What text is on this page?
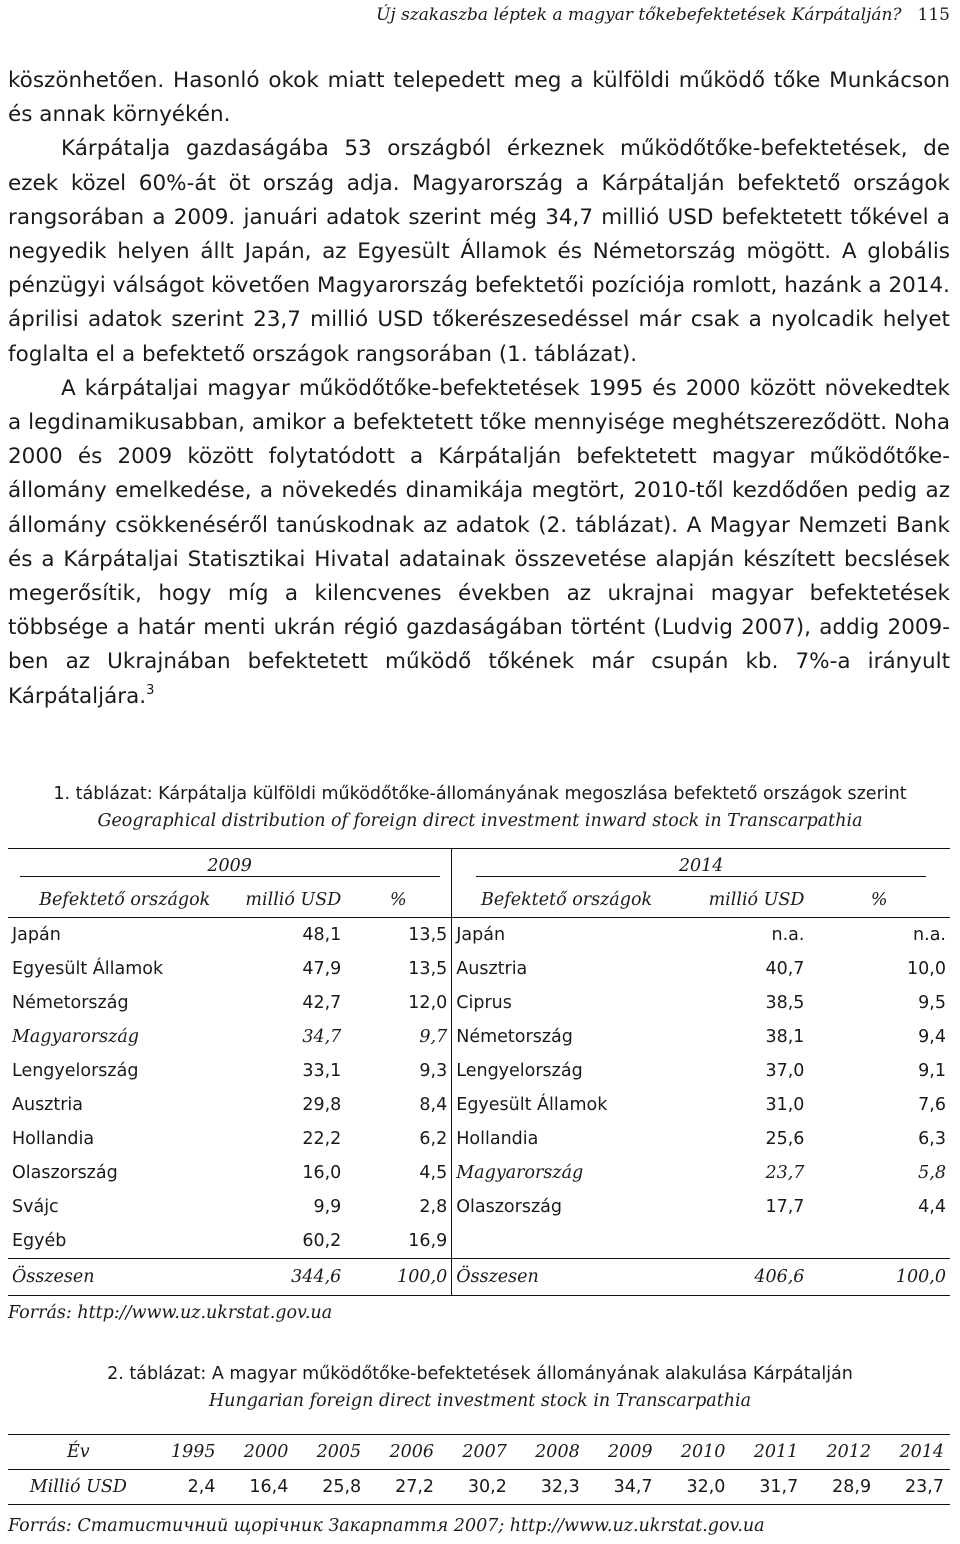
Új szakaszba léptek a magyar tőkebefektetések Kárpátalján? 115

köszönhetően. Hasonló okok miatt telepedett meg a külföldi működő tőke Munkácson és annak környékén.

Kárpátalja gazdaságába 53 országból érkeznek működőtőke-befektetések, de ezek közel 60%-át öt ország adja. Magyarország a Kárpátalján befektető országok rangsorában a 2009. januári adatok szerint még 34,7 millió USD befektetett tőkével a negyedik helyen állt Japán, az Egyesült Államok és Németország mögött. A globális pénzügyi válságot követően Magyarország befektetői pozíciója romlott, hazánk a 2014. áprilisi adatok szerint 23,7 millió USD tőkerészesedéssel már csak a nyolcadik helyet foglalta el a befektető országok rangsorában (1. táblázat).

A kárpátaljai magyar működőtőke-befektetések 1995 és 2000 között növekedtek a legdinamikusabban, amikor a befektetett tőke mennyisége meghétszereződött. Noha 2000 és 2009 között folytatódott a Kárpátalján befektetett magyar működőtőke-állomány emelkedése, a növekedés dinamikája megtört, 2010-től kezdődően pedig az állomány csökkenéséről tanúskodnak az adatok (2. táblázat). A Magyar Nemzeti Bank és a Kárpátaljai Statisztikai Hivatal adatainak összevetése alapján készített becslések megerősítik, hogy míg a kilencvenes években az ukrajnai magyar befektetések többsége a határ menti ukrán régió gazdaságában történt (Ludvig 2007), addig 2009-ben az Ukrajnában befektetett működő tőkének már csupán kb. 7%-a irányult Kárpátaljára.$^3$

1. táblázat: Kárpátalja külföldi működőtőke-állományának megoszlása befektető országok szerint
Geographical distribution of foreign direct investment inward stock in Transcarpathia
2009			2014		
Befektető országok	millió USD	%	Befektető országok	millió USD	%
Japán	48,1	13,5	Japán	n.a.	n.a.
Egyesült Államok	47,9	13,5	Ausztria	40,7	10,0
Németország	42,7	12,0	Ciprus	38,5	9,5
Magyarország	34,7	9,7	Németország	38,1	9,4
Lengyelország	33,1	9,3	Lengyelország	37,0	9,1
Ausztria	29,8	8,4	Egyesült Államok	31,0	7,6
Hollandia	22,2	6,2	Hollandia	25,6	6,3
Olaszország	16,0	4,5	Magyarország	23,7	5,8
Svájc	9,9	2,8	Olaszország	17,7	4,4
Egyéb	60,2	16,9			
Összesen	344,6	100,0	Összesen	406,6	100,0
Forrás: http://www.uz.ukrstat.gov.ua
2. táblázat: A magyar működőtőke-befektetések állományának alakulása Kárpátalján
Hungarian foreign direct investment stock in Transcarpathia
Év	1995	2000	2005	2006	2007	2008	2009	2010	2011	2012	2014
Millió USD	2,4	16,4	25,8	27,2	30,2	32,3	34,7	32,0	31,7	28,9	23,7
Forrás: Статистичний щорічник Закарпаття 2007; http://www.uz.ukrstat.gov.ua
